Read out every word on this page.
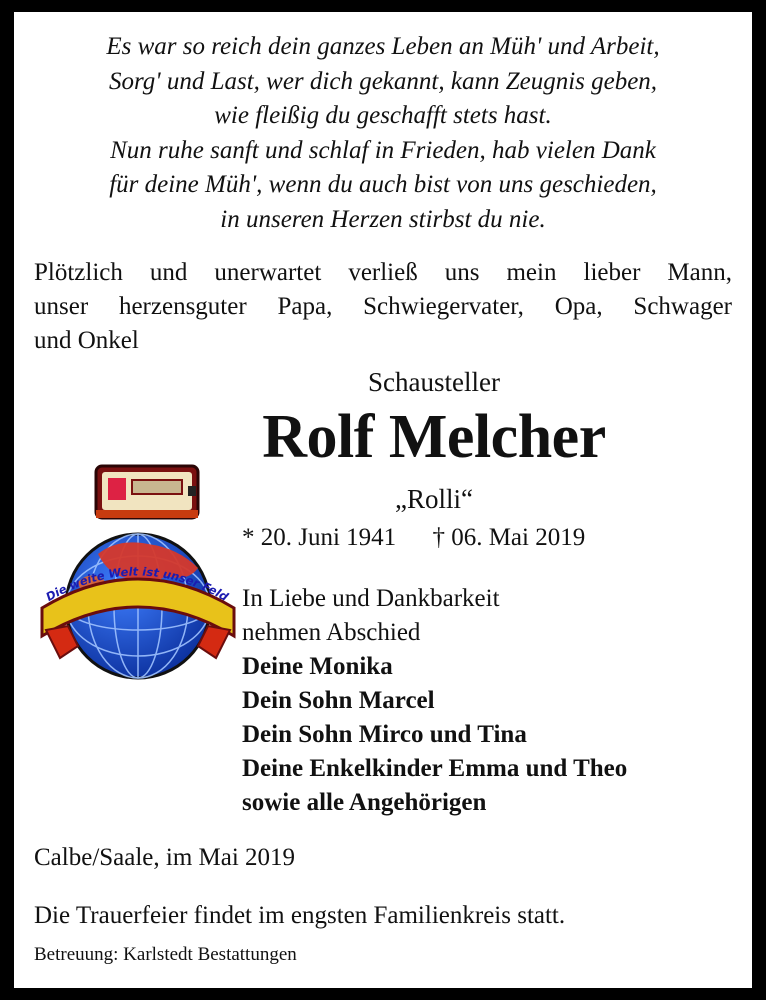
Es war so reich dein ganzes Leben an Müh' und Arbeit,
Sorg' und Last, wer dich gekannt, kann Zeugnis geben,
wie fleißig du geschafft stets hast.
Nun ruhe sanft und schlaf in Frieden, hab vielen Dank
für deine Müh', wenn du auch bist von uns geschieden,
in unseren Herzen stirbst du nie.
Plötzlich und unerwartet verließ uns mein lieber Mann,
unser herzensguter Papa, Schwiegervater, Opa, Schwager
und Onkel
Schausteller
Rolf Melcher
„Rolli“
* 20. Juni 1941 † 06. Mai 2019
Die weite Welt ist unser Feld In Liebe und Dankbarkeit
nehmen Abschied
Deine Monika
Dein Sohn Marcel
Dein Sohn Mirco und Tina
Deine Enkelkinder Emma und Theo
sowie alle Angehörigen
Calbe/Saale, im Mai 2019
Die Trauerfeier findet im engsten Familienkreis statt.
Betreuung: Karlstedt Bestattungen
